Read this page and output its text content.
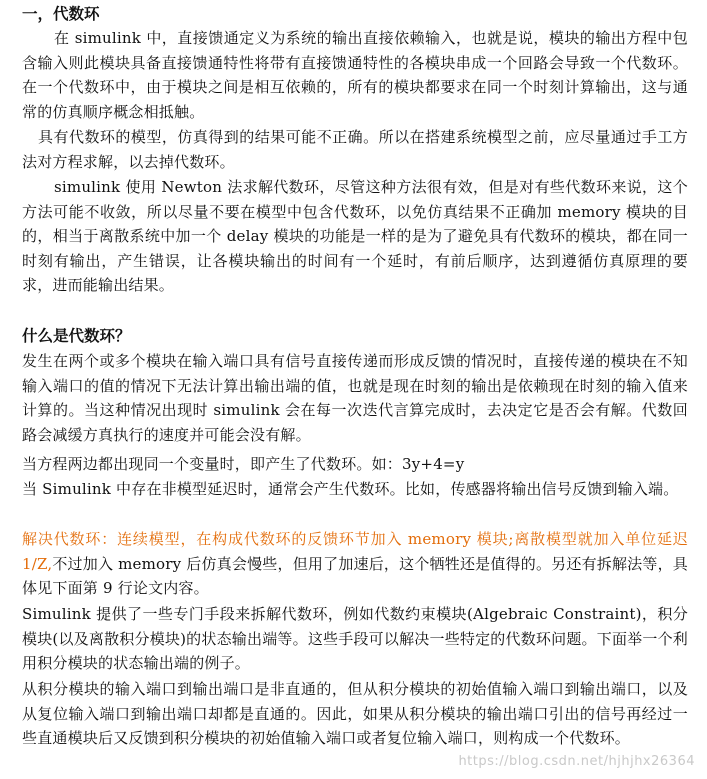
一，代数环
在 simulink 中，直接馈通定义为系统的输出直接依赖输入，也就是说，模块的输出方程中包含输入则此模块具备直接馈通特性将带有直接馈通特性的各模块串成一个回路会导致一个代数环。在一个代数环中，由于模块之间是相互依赖的，所有的模块都要求在同一个时刻计算输出，这与通常的仿真顺序概念相抵触。
具有代数环的模型，仿真得到的结果可能不正确。所以在搭建系统模型之前，应尽量通过手工方法对方程求解，以去掉代数环。
simulink 使用 Newton 法求解代数环，尽管这种方法很有效，但是对有些代数环来说，这个方法可能不收敛，所以尽量不要在模型中包含代数环，以免仿真结果不正确加 memory 模块的目的，相当于离散系统中加一个 delay 模块的功能是一样的是为了避免具有代数环的模块，都在同一时刻有输出，产生错误，让各模块输出的时间有一个延时，有前后顺序，达到遵循仿真原理的要求，进而能输出结果。
什么是代数环？
发生在两个或多个模块在输入端口具有信号直接传递而形成反馈的情况时，直接传递的模块在不知输入端口的值的情况下无法计算出输出端的值，也就是现在时刻的输出是依赖现在时刻的输入值来计算的。当这种情况出现时 simulink 会在每一次迭代言算完成时，去决定它是否会有解。代数回路会减缓方真执行的速度并可能会没有解。
当方程两边都出现同一个变量时，即产生了代数环。如：3y+4=y
当 Simulink 中存在非模型延迟时，通常会产生代数环。比如，传感器将输出信号反馈到输入端。
解决代数环：连续模型，在构成代数环的反馈环节加入 memory 模块;离散模型就加入单位延迟 1/Z,不过加入 memory 后仿真会慢些，但用了加速后，这个牺牲还是值得的。另还有拆解法等，具体见下面第 9 行论文内容。
Simulink 提供了一些专门手段来拆解代数环，例如代数约束模块(Algebraic Constraint)，积分模块(以及离散积分模块)的状态输出端等。这些手段可以解决一些特定的代数环问题。下面举一个利用积分模块的状态输出端的例子。
从积分模块的输入端口到输出端口是非直通的，但从积分模块的初始值输入端口到输出端口，以及从复位输入端口到输出端口却都是直通的。因此，如果从积分模块的输出端口引出的信号再经过一些直通模块后又反馈到积分模块的初始值输入端口或者复位输入端口，则构成一个代数环。
https://blog.csdn.net/hjhjhx26364
